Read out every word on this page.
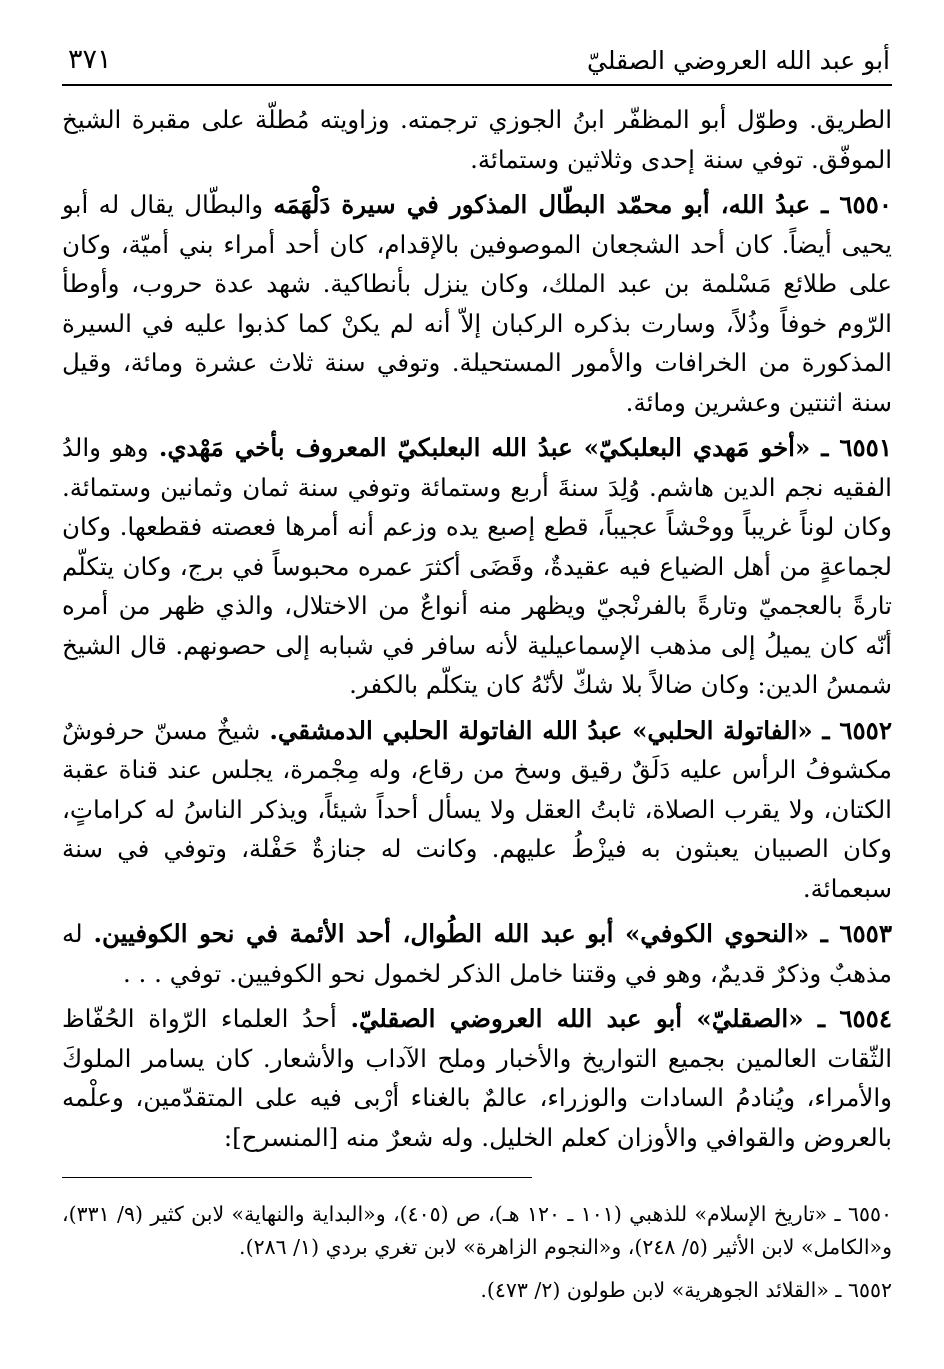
أبو عبد الله العروضي الصقليّ
٣٧١

الطريق. وطوّل أبو المظفّر ابنُ الجوزي ترجمته. وزاويته مُطلّة على مقبرة الشيخ الموفّق. توفي سنة إحدى وثلاثين وستمائة.

٦٥٥٠ ـ عبدُ الله، أبو محمّد البطّال المذكور في سيرة دَلْهَمَه والبطّال يقال له أبو يحيى أيضاً. كان أحد الشجعان الموصوفين بالإقدام، كان أحد أمراء بني أميّة، وكان على طلائع مَسْلمة بن عبد الملك، وكان ينزل بأنطاكية. شهد عدة حروب، وأوطأ الرّوم خوفاً وذُلاً، وسارت بذكره الركبان إلاّ أنه لم يكنْ كما كذبوا عليه في السيرة المذكورة من الخرافات والأمور المستحيلة. وتوفي سنة ثلاث عشرة ومائة، وقيل سنة اثنتين وعشرين ومائة.

٦٥٥١ ـ «أخو مَهدي البعلبكيّ» عبدُ الله البعلبكيّ المعروف بأخي مَهْدي. وهو والدُ الفقيه نجم الدين هاشم. وُلِدَ سنةَ أربع وستمائة وتوفي سنة ثمان وثمانين وستمائة. وكان لوناً غريباً ووحْشاً عجيباً، قطع إصبع يده وزعم أنه أمرها فعصته فقطعها. وكان لجماعةٍ من أهل الضياع فيه عقيدةٌ، وقَضَى أكثرَ عمره محبوساً في برج، وكان يتكلّم تارةً بالعجميّ وتارةً بالفرنْجيّ ويظهر منه أنواعٌ من الاختلال، والذي ظهر من أمره أنّه كان يميلُ إلى مذهب الإسماعيلية لأنه سافر في شبابه إلى حصونهم. قال الشيخ شمسُ الدين: وكان ضالاً بلا شكّ لأنّهُ كان يتكلّم بالكفر.

٦٥٥٢ ـ «الفاتولة الحلبي» عبدُ الله الفاتولة الحلبي الدمشقي. شيخٌ مسنّ حرفوشٌ مكشوفُ الرأس عليه دَلَقٌ رقيق وسخ من رقاع، وله مِجْمرة، يجلس عند قناة عقبة الكتان، ولا يقرب الصلاة، ثابتُ العقل ولا يسأل أحداً شيئاً، ويذكر الناسُ له كراماتٍ، وكان الصبيان يعبثون به فيزْطُ عليهم. وكانت له جنازةٌ حَفْلة، وتوفي في سنة سبعمائة.

٦٥٥٣ ـ «النحوي الكوفي» أبو عبد الله الطُوال، أحد الأئمة في نحو الكوفيين. له مذهبٌ وذكرٌ قديمٌ، وهو في وقتنا خامل الذكر لخمول نحو الكوفيين. توفي . . .

٦٥٥٤ ـ «الصقليّ» أبو عبد الله العروضي الصقليّ. أحدُ العلماء الرّواة الحُفّاظ الثّقات العالمين بجميع التواريخ والأخبار وملح الآداب والأشعار. كان يسامر الملوكَ والأمراء، ويُنادمُ السادات والوزراء، عالمٌ بالغناء أرْبى فيه على المتقدّمين، وعلْمه بالعروض والقوافي والأوزان كعلم الخليل. وله شعرٌ منه [المنسرح]:

٦٥٥٠ ـ «تاريخ الإسلام» للذهبي (١٠١ ـ ١٢٠ هـ)، ص (٤٠٥)، و«البداية والنهاية» لابن كثير (٩/ ٣٣١)، و«الكامل» لابن الأثير (٥/ ٢٤٨)، و«النجوم الزاهرة» لابن تغري بردي (١/ ٢٨٦).

٦٥٥٢ ـ «القلائد الجوهرية» لابن طولون (٢/ ٤٧٣).
